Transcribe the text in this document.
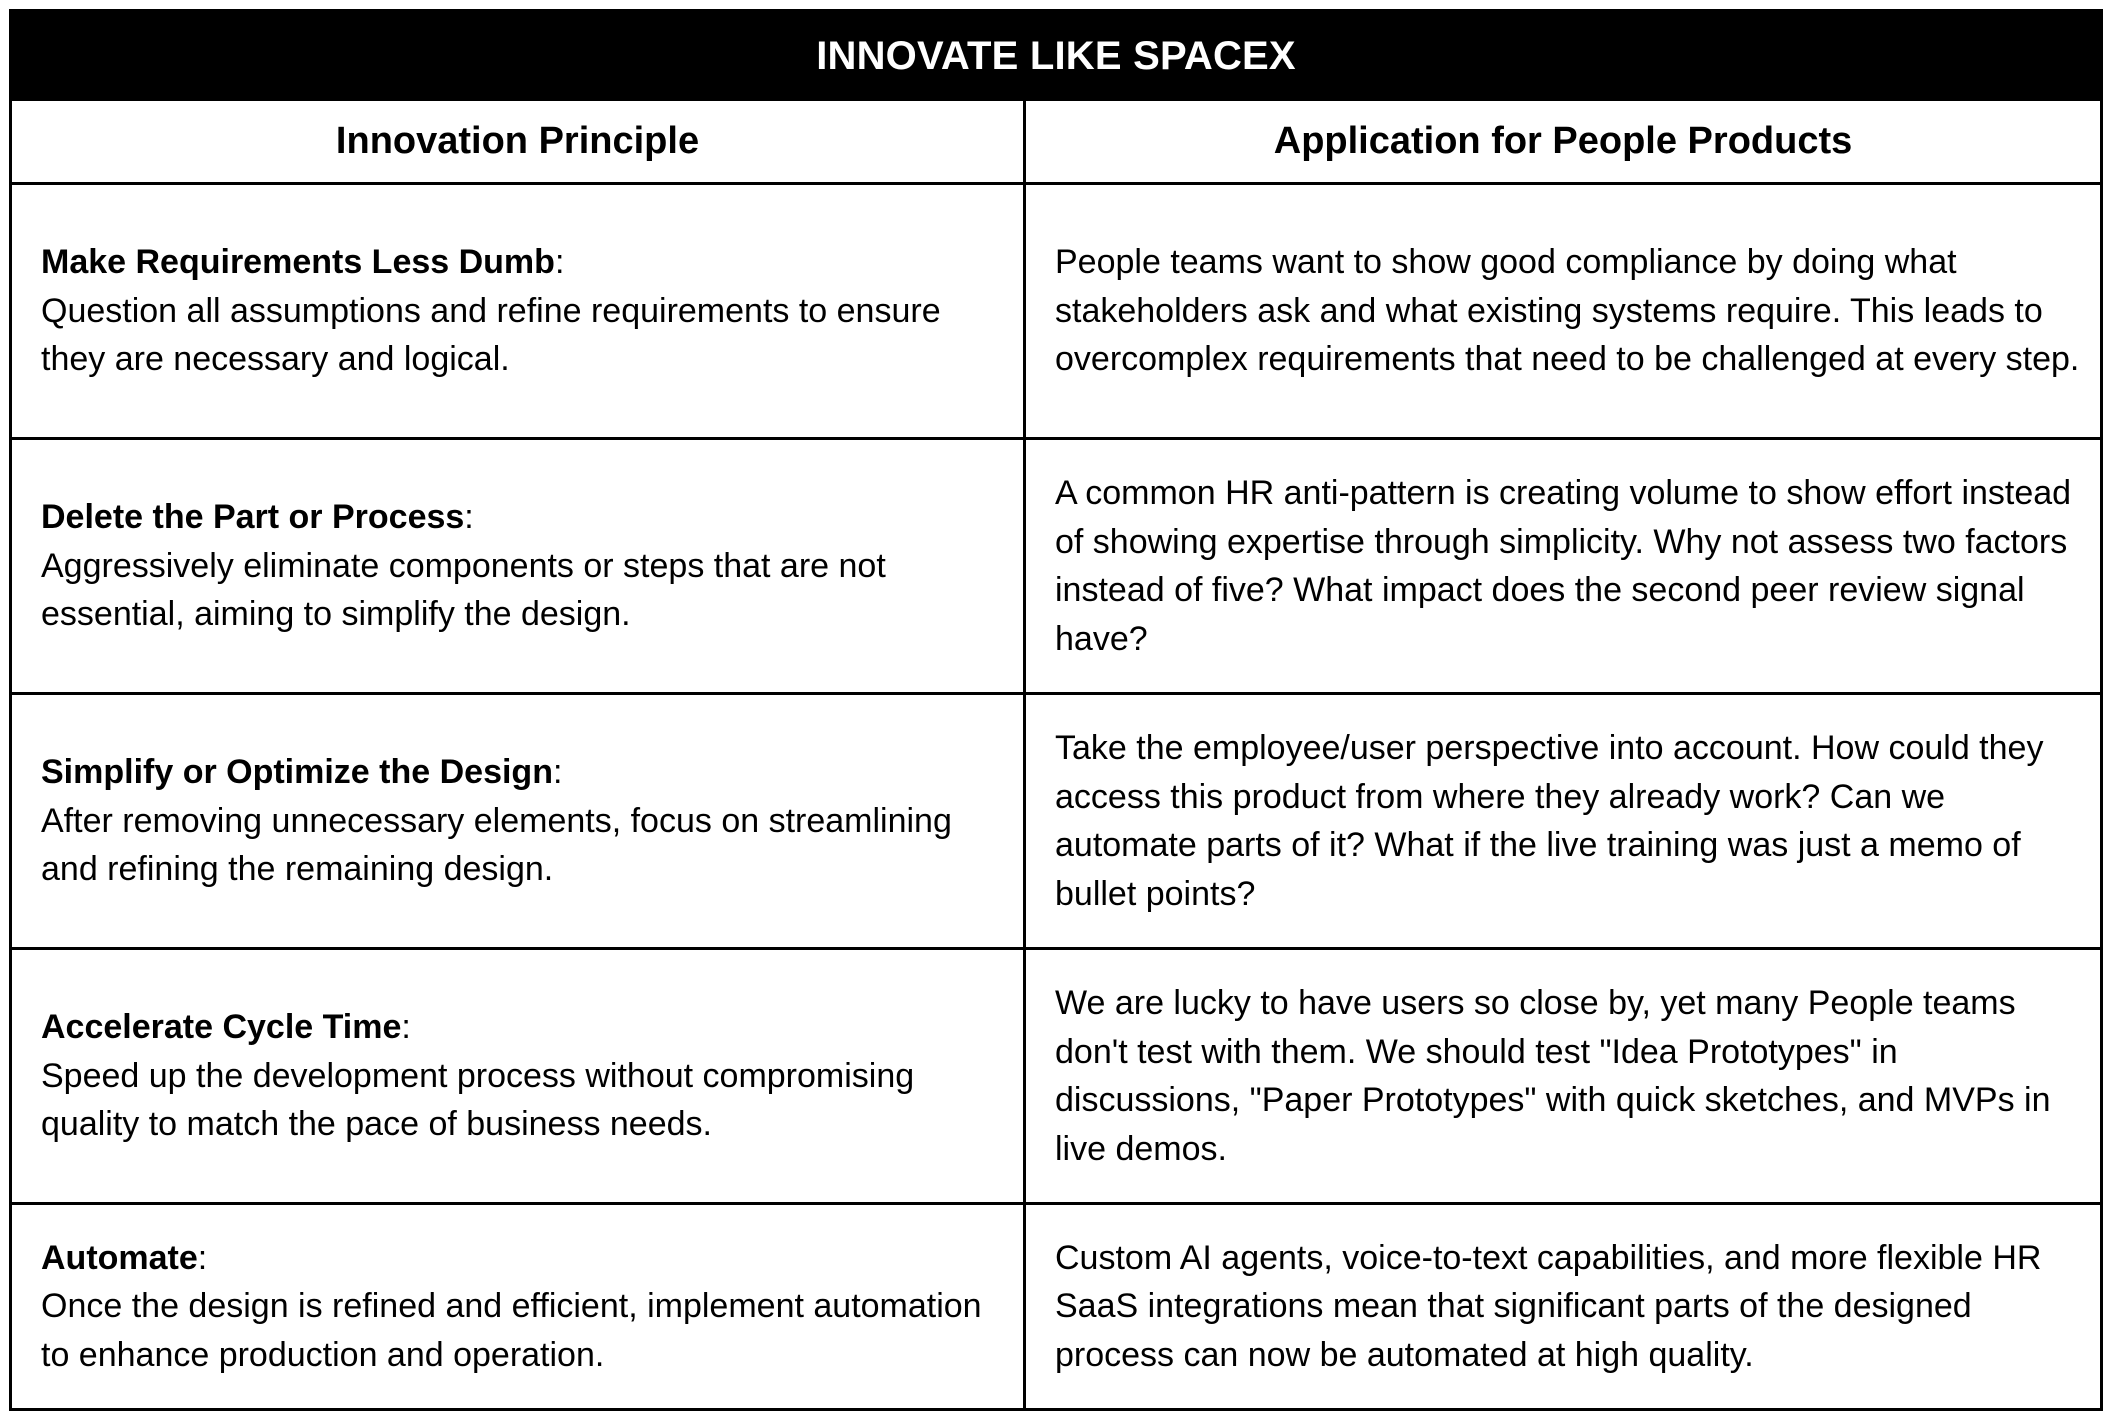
INNOVATE LIKE SPACEX
Innovation Principle	Application for People Products
Make Requirements Less Dumb:
Question all assumptions and refine requirements to ensure they are necessary and logical.
People teams want to show good compliance by doing what stakeholders ask and what existing systems require. This leads to overcomplex requirements that need to be challenged at every step.
Delete the Part or Process:
Aggressively eliminate components or steps that are not essential, aiming to simplify the design.
A common HR anti-pattern is creating volume to show effort instead of showing expertise through simplicity. Why not assess two factors instead of five? What impact does the second peer review signal have?
Simplify or Optimize the Design:
After removing unnecessary elements, focus on streamlining and refining the remaining design.
Take the employee/user perspective into account. How could they access this product from where they already work? Can we automate parts of it? What if the live training was just a memo of bullet points?
Accelerate Cycle Time:
Speed up the development process without compromising quality to match the pace of business needs.
We are lucky to have users so close by, yet many People teams don't test with them. We should test "Idea Prototypes" in discussions, "Paper Prototypes" with quick sketches, and MVPs in live demos.
Automate:
Once the design is refined and efficient, implement automation to enhance production and operation.
Custom AI agents, voice-to-text capabilities, and more flexible HR SaaS integrations mean that significant parts of the designed process can now be automated at high quality.
